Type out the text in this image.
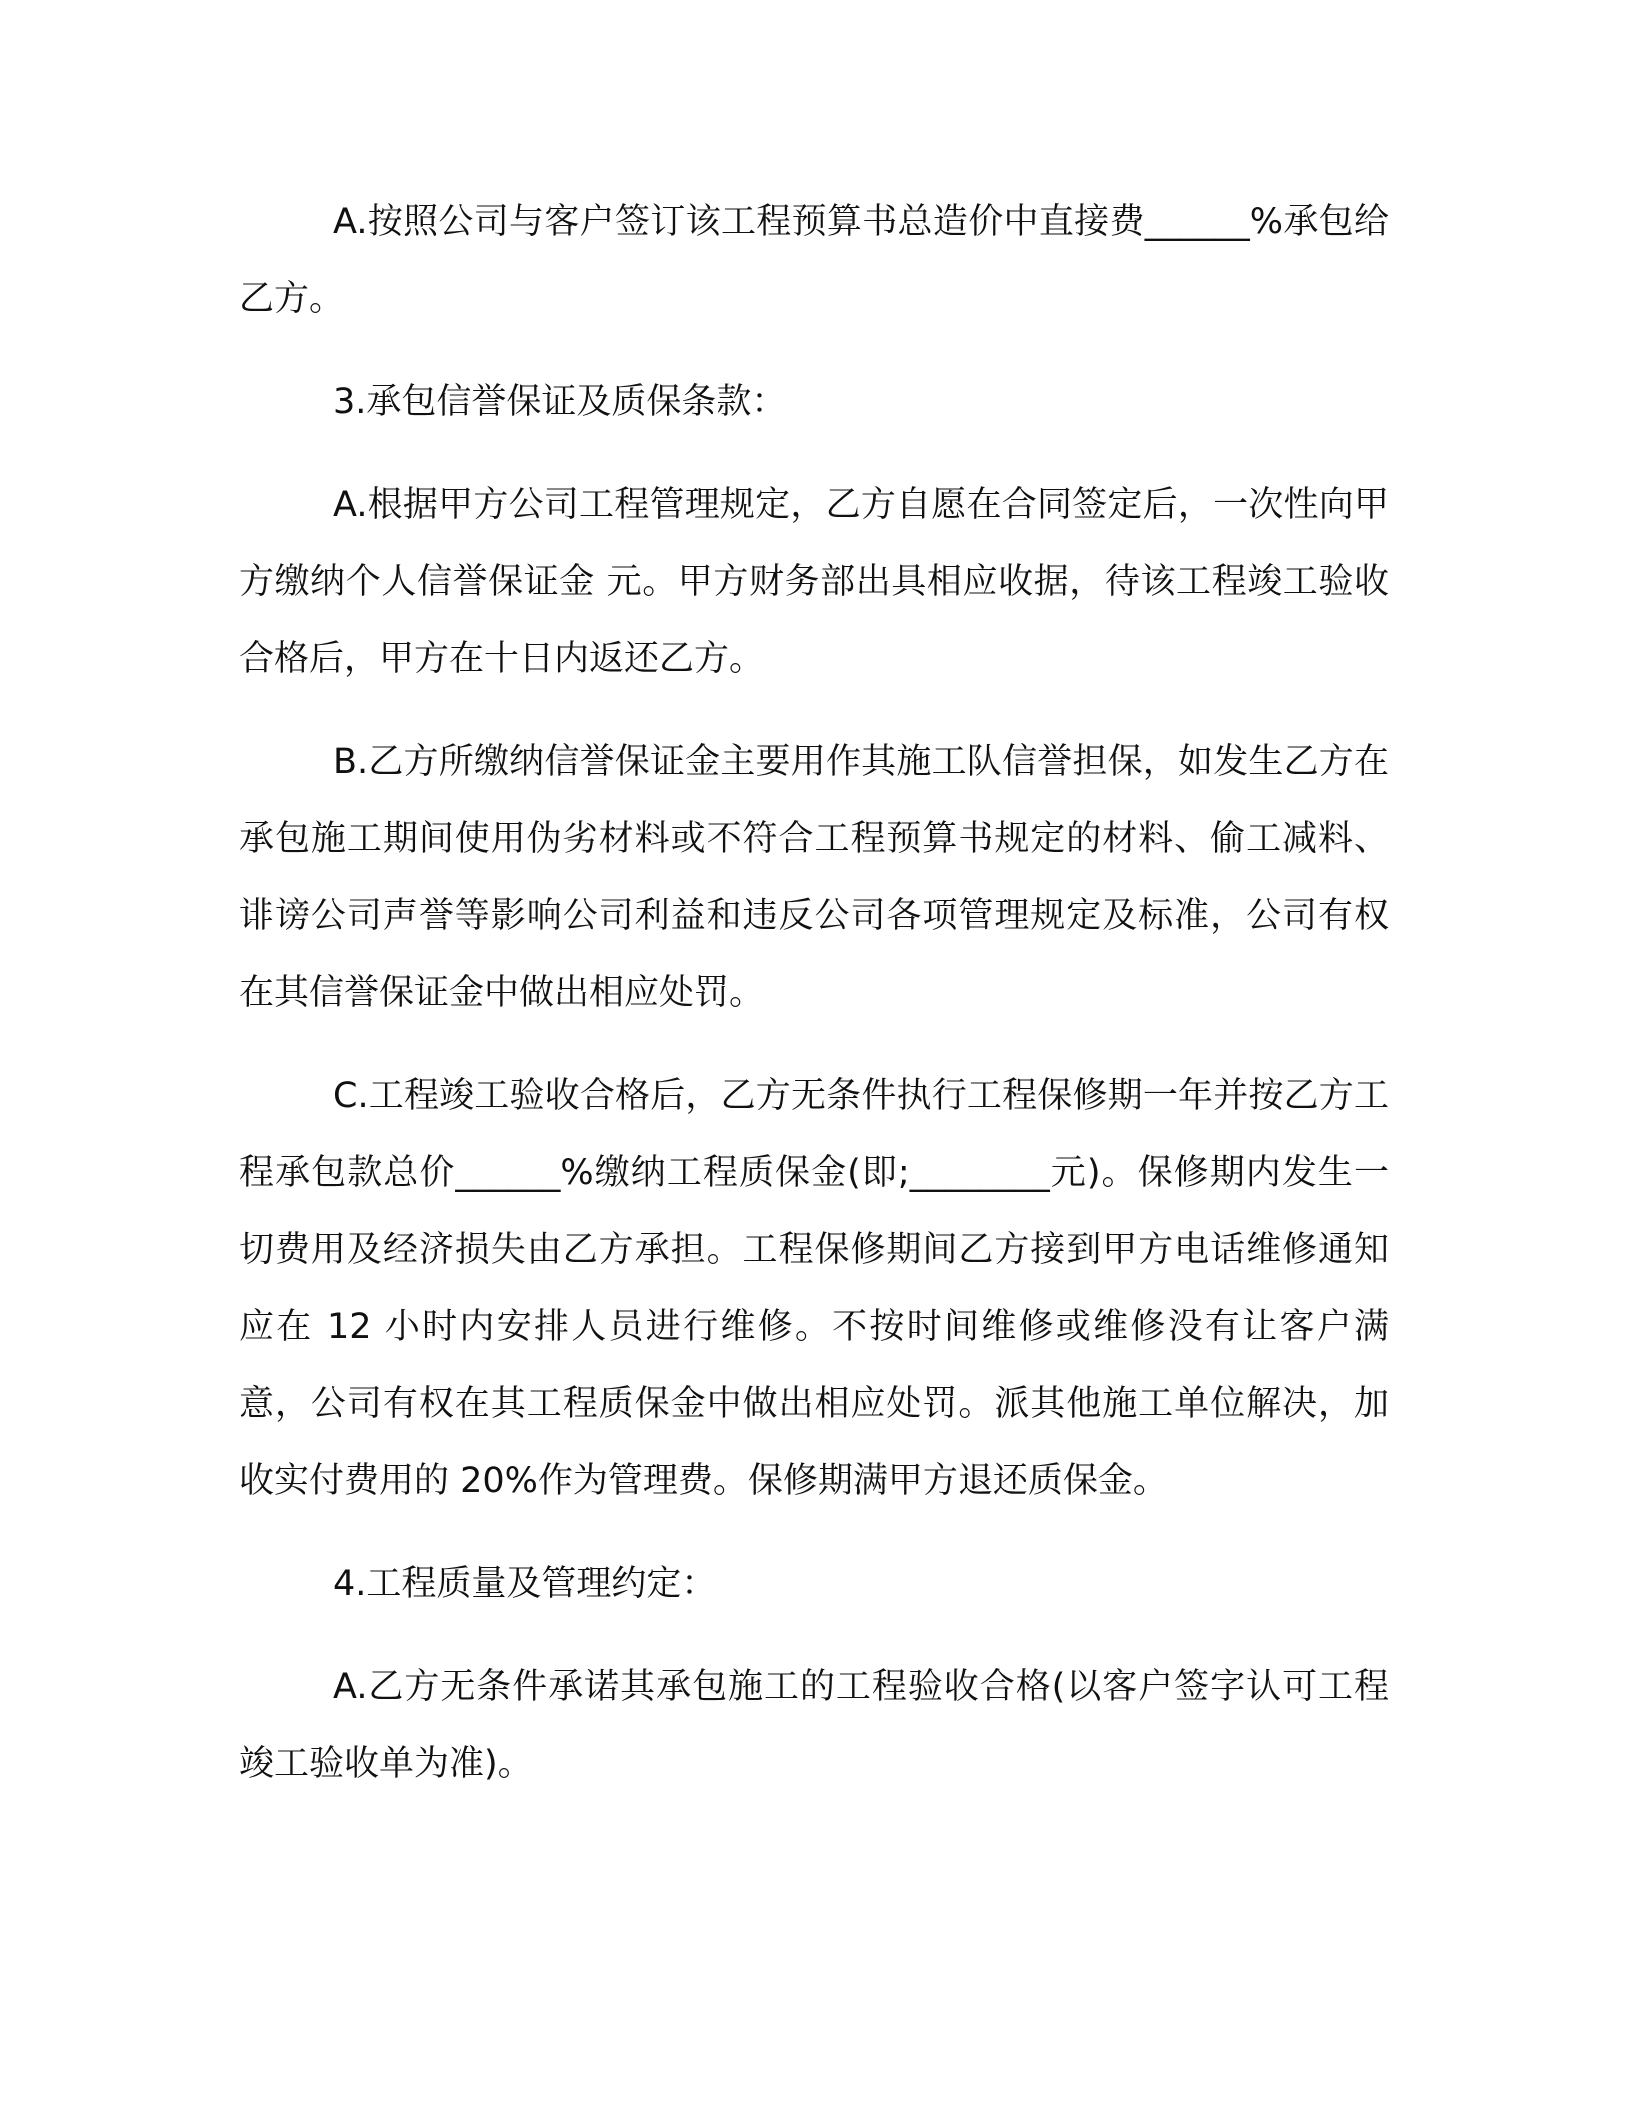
A.按照公司与客户签订该工程预算书总造价中直接费______%承包给乙方。

3.承包信誉保证及质保条款：

A.根据甲方公司工程管理规定，乙方自愿在合同签定后，一次性向甲方缴纳个人信誉保证金 元。甲方财务部出具相应收据，待该工程竣工验收合格后，甲方在十日内返还乙方。

B.乙方所缴纳信誉保证金主要用作其施工队信誉担保，如发生乙方在承包施工期间使用伪劣材料或不符合工程预算书规定的材料、偷工减料、诽谤公司声誉等影响公司利益和违反公司各项管理规定及标准，公司有权在其信誉保证金中做出相应处罚。

C.工程竣工验收合格后，乙方无条件执行工程保修期一年并按乙方工程承包款总价______%缴纳工程质保金(即;________元)。保修期内发生一切费用及经济损失由乙方承担。工程保修期间乙方接到甲方电话维修通知应在 12 小时内安排人员进行维修。不按时间维修或维修没有让客户满意，公司有权在其工程质保金中做出相应处罚。派其他施工单位解决，加收实付费用的 20%作为管理费。保修期满甲方退还质保金。

4.工程质量及管理约定：

A.乙方无条件承诺其承包施工的工程验收合格(以客户签字认可工程竣工验收单为准)。
